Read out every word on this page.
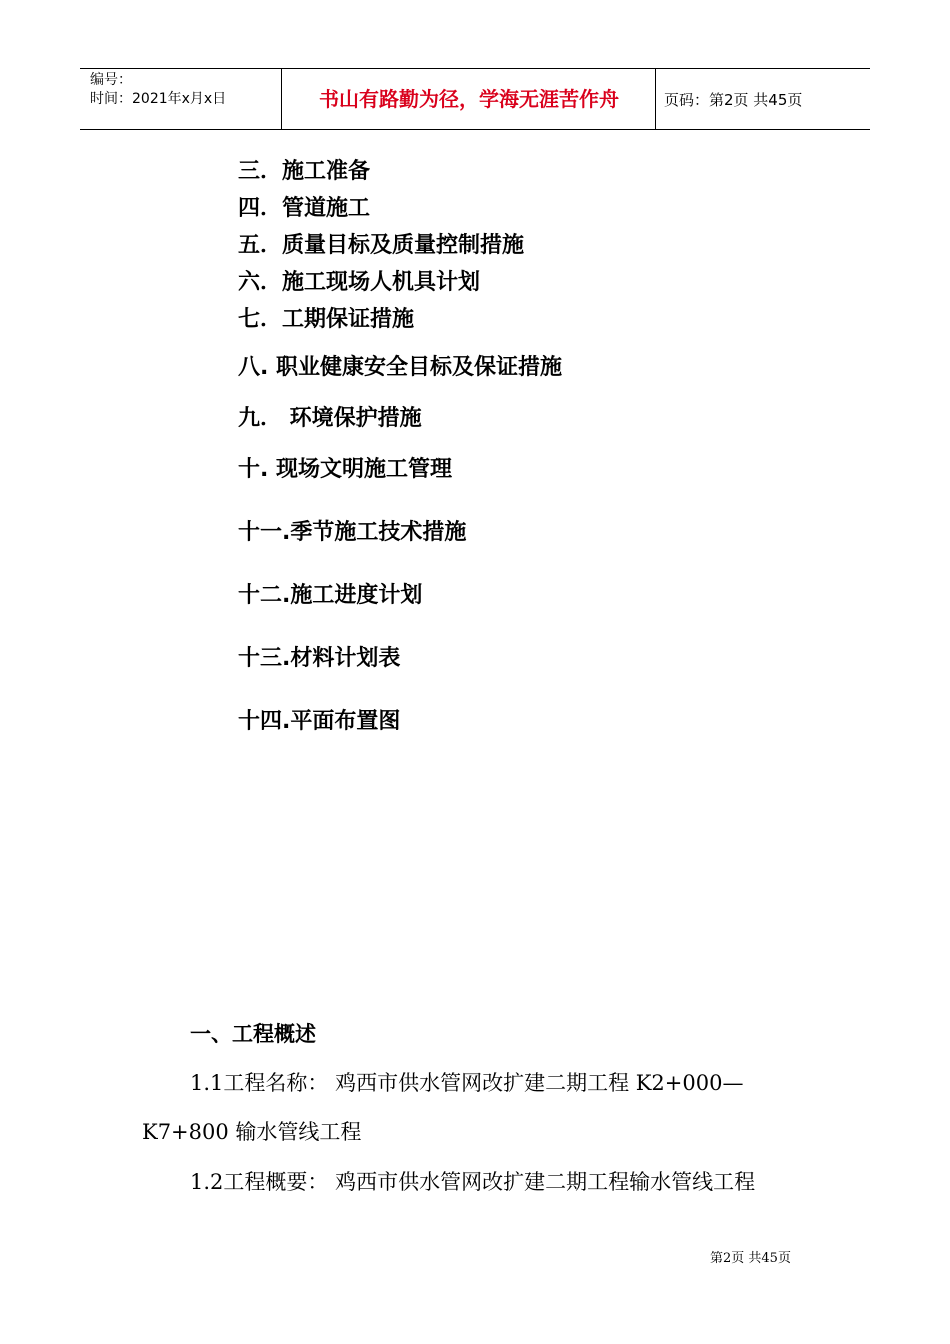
编号：
时间：2021年x月x日	书山有路勤为径，学海无涯苦作舟	页码：第2页 共45页
三．施工准备
四．管道施工
五．质量目标及质量控制措施
六．施工现场人机具计划
七．工期保证措施
八. 职业健康安全目标及保证措施
九． 环境保护措施
十. 现场文明施工管理
十一.季节施工技术措施
十二.施工进度计划
十三.材料计划表
十四.平面布置图
一、工程概述
1.1工程名称： 鸡西市供水管网改扩建二期工程 K2+000—
K7+800 输水管线工程
1.2工程概要： 鸡西市供水管网改扩建二期工程输水管线工程
第2页 共45页
